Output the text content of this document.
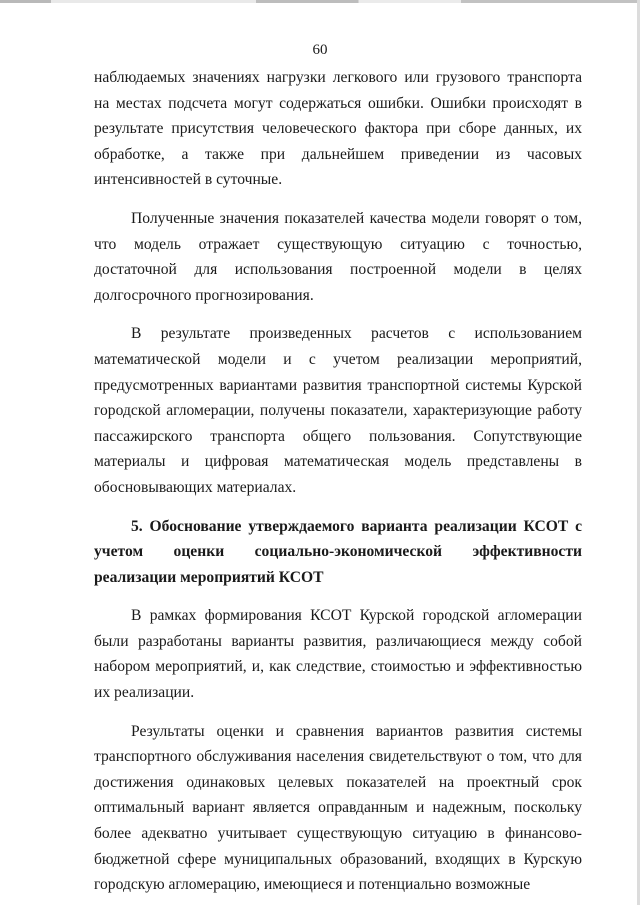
60

наблюдаемых значениях нагрузки легкового или грузового транспорта на местах подсчета могут содержаться ошибки. Ошибки происходят в результате присутствия человеческого фактора при сборе данных, их обработке, а также при дальнейшем приведении из часовых интенсивностей в суточные.

Полученные значения показателей качества модели говорят о том, что модель отражает существующую ситуацию с точностью, достаточной для использования построенной модели в целях долгосрочного прогнозирования.

В результате произведенных расчетов с использованием математической модели и с учетом реализации мероприятий, предусмотренных вариантами развития транспортной системы Курской городской агломерации, получены показатели, характеризующие работу пассажирского транспорта общего пользования. Сопутствующие материалы и цифровая математическая модель представлены в обосновывающих материалах.

5. Обоснование утверждаемого варианта реализации КСОТ с учетом оценки социально-экономической эффективности реализации мероприятий КСОТ

В рамках формирования КСОТ Курской городской агломерации были разработаны варианты развития, различающиеся между собой набором мероприятий, и, как следствие, стоимостью и эффективностью их реализации.

Результаты оценки и сравнения вариантов развития системы транспортного обслуживания населения свидетельствуют о том, что для достижения одинаковых целевых показателей на проектный срок оптимальный вариант является оправданным и надежным, поскольку более адекватно учитывает существующую ситуацию в финансово-бюджетной сфере муниципальных образований, входящих в Курскую городскую агломерацию, имеющиеся и потенциально возможные
